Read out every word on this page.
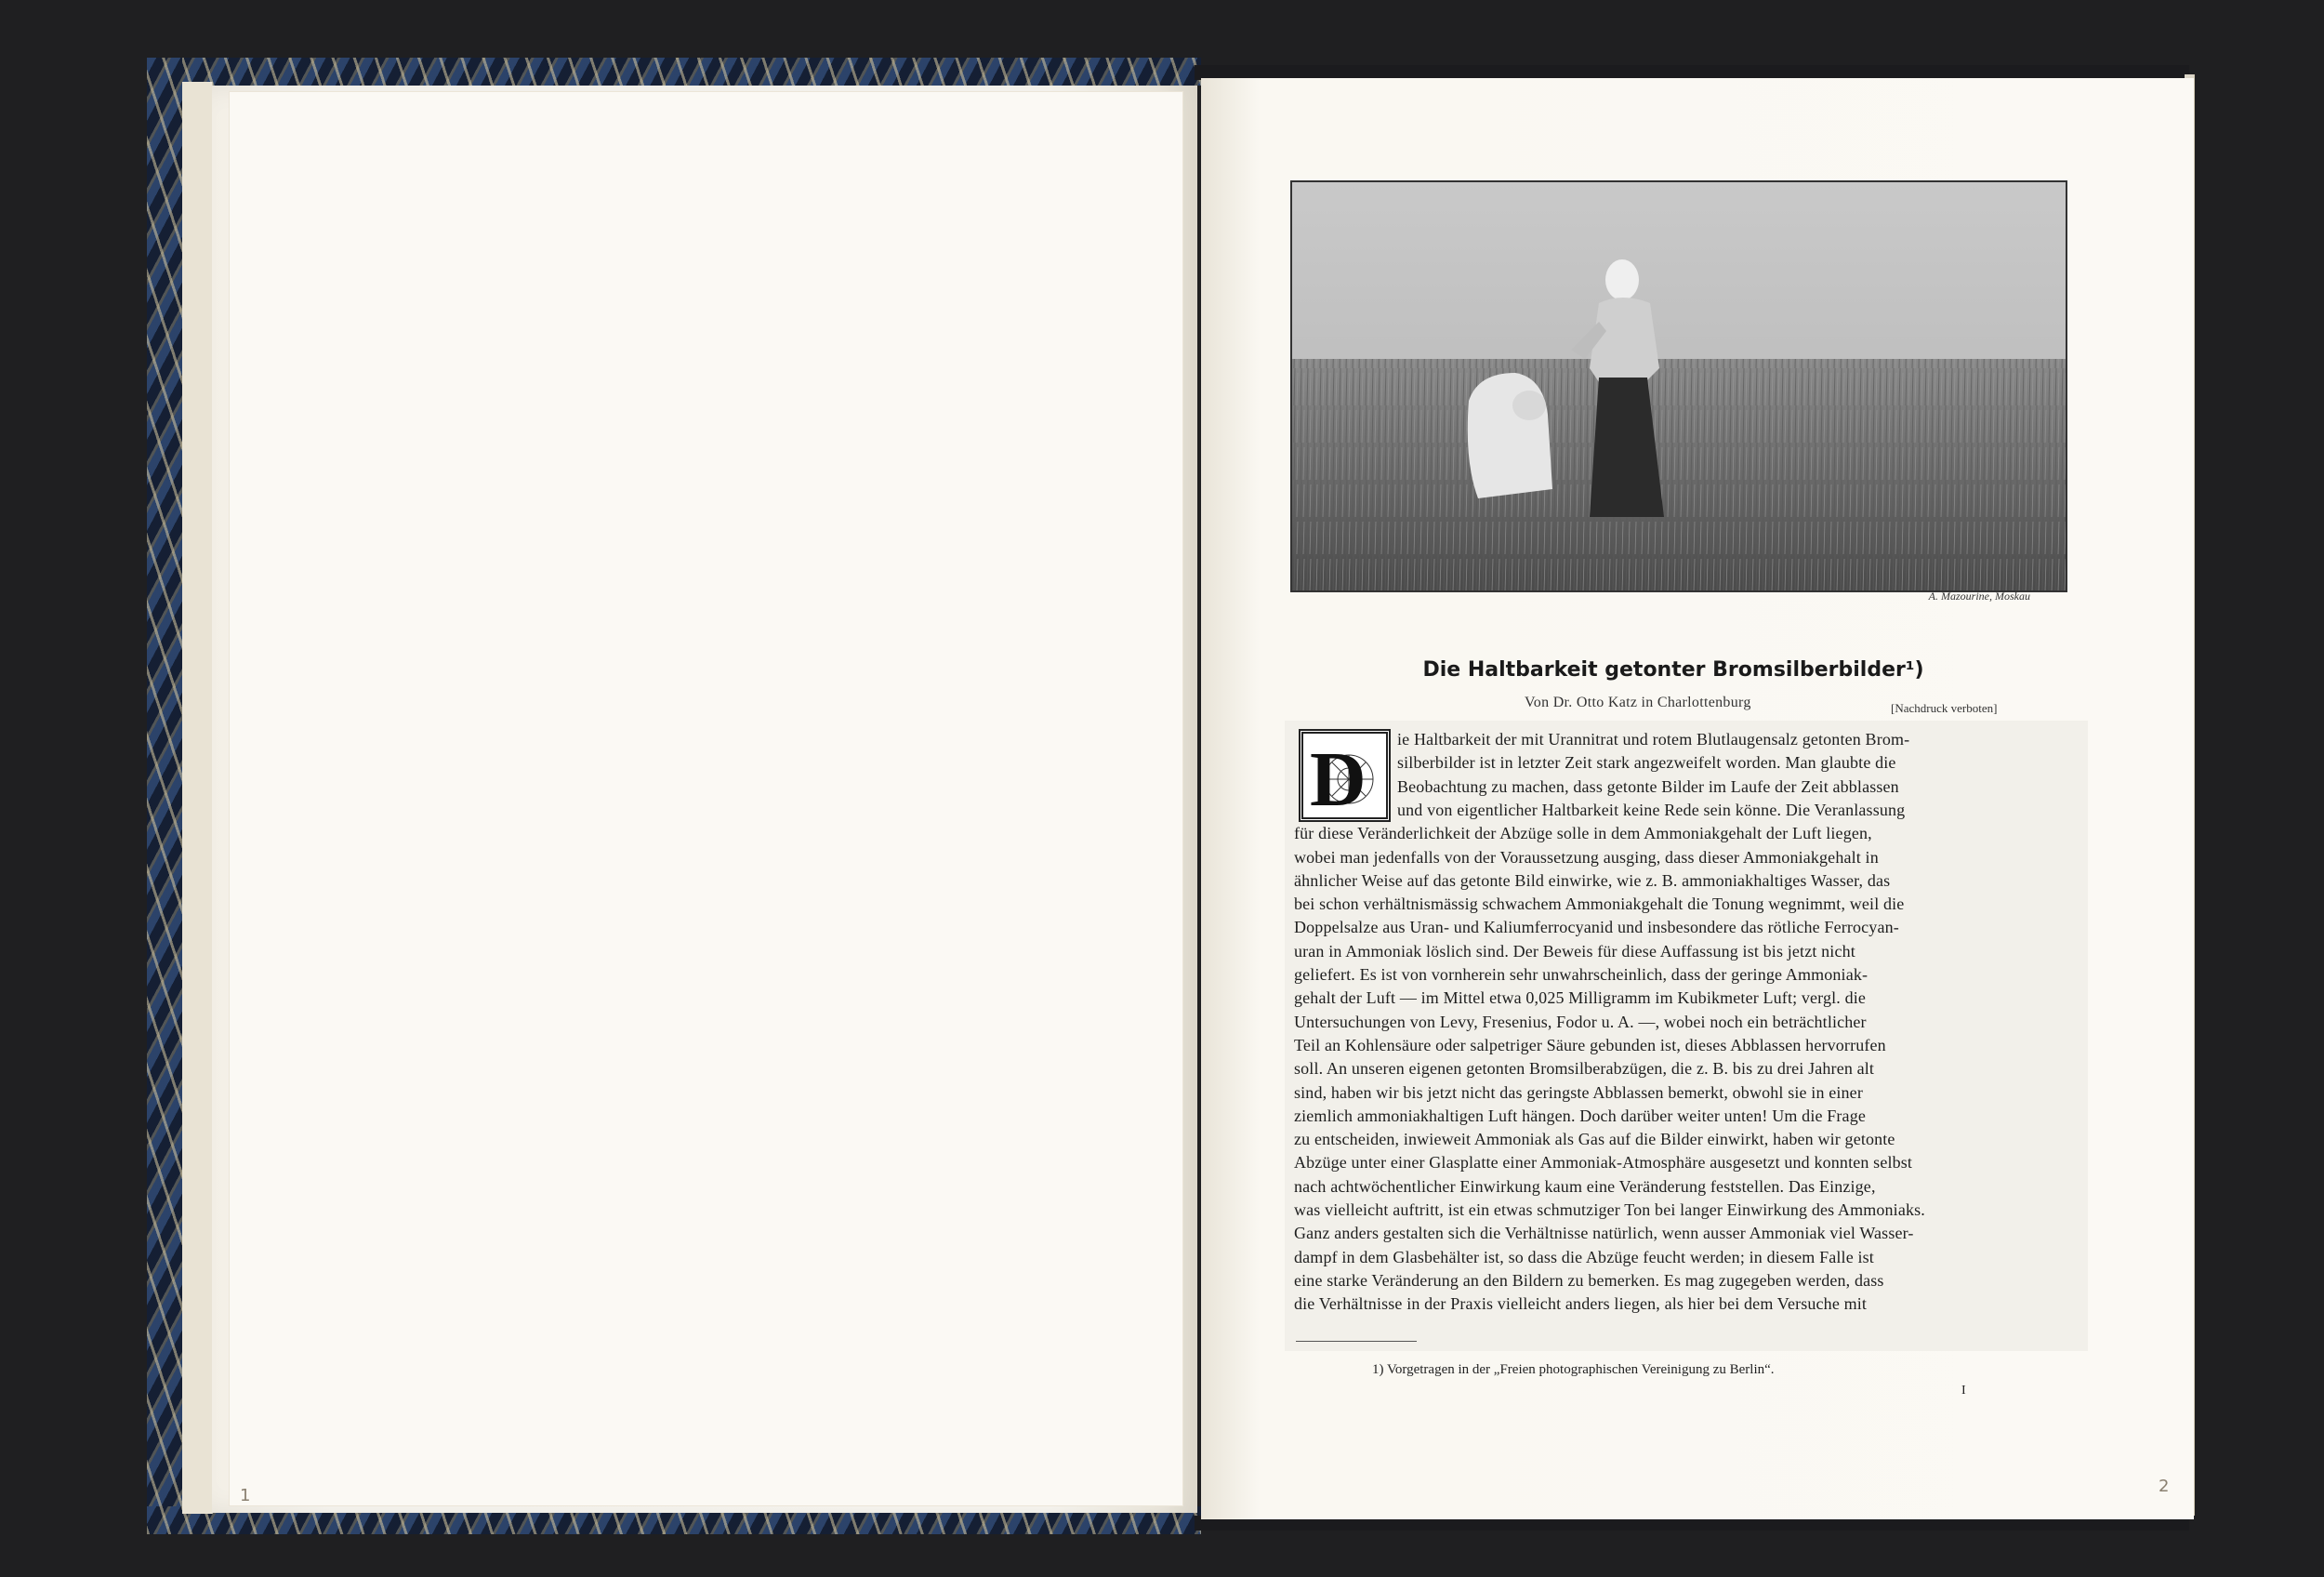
1
A. Mazourine, Moskau
Die Haltbarkeit getonter Bromsilberbilder¹)
Von Dr. Otto Katz in Charlottenburg	[Nachdruck verboten]
D ie Haltbarkeit der mit Urannitrat und rotem Blutlaugensalz getonten Brom-
silberbilder ist in letzter Zeit stark angezweifelt worden. Man glaubte die
Beobachtung zu machen, dass getonte Bilder im Laufe der Zeit abblassen
und von eigentlicher Haltbarkeit keine Rede sein könne. Die Veranlassung
für diese Veränderlichkeit der Abzüge solle in dem Ammoniakgehalt der Luft liegen,
wobei man jedenfalls von der Voraussetzung ausging, dass dieser Ammoniakgehalt in
ähnlicher Weise auf das getonte Bild einwirke, wie z. B. ammoniakhaltiges Wasser, das
bei schon verhältnismässig schwachem Ammoniakgehalt die Tonung wegnimmt, weil die
Doppelsalze aus Uran- und Kaliumferrocyanid und insbesondere das rötliche Ferrocyan-
uran in Ammoniak löslich sind. Der Beweis für diese Auffassung ist bis jetzt nicht
geliefert. Es ist von vornherein sehr unwahrscheinlich, dass der geringe Ammoniak-
gehalt der Luft — im Mittel etwa 0,025 Milligramm im Kubikmeter Luft; vergl. die
Untersuchungen von Levy, Fresenius, Fodor u. A. —, wobei noch ein beträchtlicher
Teil an Kohlensäure oder salpetriger Säure gebunden ist, dieses Abblassen hervorrufen
soll. An unseren eigenen getonten Bromsilberabzügen, die z. B. bis zu drei Jahren alt
sind, haben wir bis jetzt nicht das geringste Abblassen bemerkt, obwohl sie in einer
ziemlich ammoniakhaltigen Luft hängen. Doch darüber weiter unten! Um die Frage
zu entscheiden, inwieweit Ammoniak als Gas auf die Bilder einwirkt, haben wir getonte
Abzüge unter einer Glasplatte einer Ammoniak-Atmosphäre ausgesetzt und konnten selbst
nach achtwöchentlicher Einwirkung kaum eine Veränderung feststellen. Das Einzige,
was vielleicht auftritt, ist ein etwas schmutziger Ton bei langer Einwirkung des Ammoniaks.
Ganz anders gestalten sich die Verhältnisse natürlich, wenn ausser Ammoniak viel Wasser-
dampf in dem Glasbehälter ist, so dass die Abzüge feucht werden; in diesem Falle ist
eine starke Veränderung an den Bildern zu bemerken. Es mag zugegeben werden, dass
die Verhältnisse in der Praxis vielleicht anders liegen, als hier bei dem Versuche mit
1) Vorgetragen in der „Freien photographischen Vereinigung zu Berlin“.
I
2
